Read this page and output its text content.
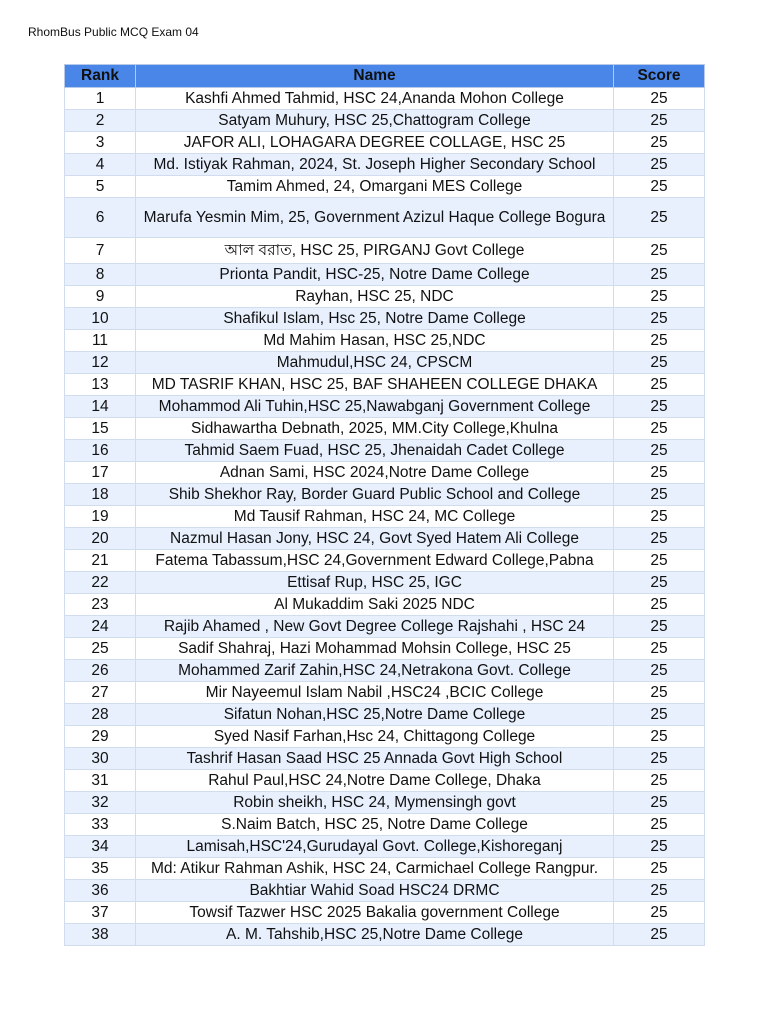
RhomBus Public MCQ Exam 04
Rank	Name	Score
1	Kashfi Ahmed Tahmid, HSC 24,Ananda Mohon College	25
2	Satyam Muhury, HSC 25,Chattogram College	25
3	JAFOR ALI, LOHAGARA DEGREE COLLAGE, HSC 25	25
4	Md. Istiyak Rahman, 2024, St. Joseph Higher Secondary School	25
5	Tamim Ahmed, 24, Omargani MES College	25
6	Marufa Yesmin Mim, 25, Government Azizul Haque College Bogura	25
7	আল বরাত, HSC 25, PIRGANJ Govt College	25
8	Prionta Pandit, HSC-25, Notre Dame College	25
9	Rayhan, HSC 25, NDC	25
10	Shafikul Islam, Hsc 25, Notre Dame College	25
11	Md Mahim Hasan, HSC 25,NDC	25
12	Mahmudul,HSC 24, CPSCM	25
13	MD TASRIF KHAN, HSC 25, BAF SHAHEEN COLLEGE DHAKA	25
14	Mohammod Ali Tuhin,HSC 25,Nawabganj Government College	25
15	Sidhawartha Debnath, 2025, MM.City College,Khulna	25
16	Tahmid Saem Fuad, HSC 25, Jhenaidah Cadet College	25
17	Adnan Sami, HSC 2024,Notre Dame College	25
18	Shib Shekhor Ray, Border Guard Public School and College	25
19	Md Tausif Rahman, HSC 24, MC College	25
20	Nazmul Hasan Jony, HSC 24, Govt Syed Hatem Ali College	25
21	Fatema Tabassum,HSC 24,Government Edward College,Pabna	25
22	Ettisaf Rup, HSC 25, IGC	25
23	Al Mukaddim Saki 2025 NDC	25
24	Rajib Ahamed , New Govt Degree College Rajshahi , HSC 24	25
25	Sadif Shahraj, Hazi Mohammad Mohsin College, HSC 25	25
26	Mohammed Zarif Zahin,HSC 24,Netrakona Govt. College	25
27	Mir Nayeemul Islam Nabil ,HSC24 ,BCIC College	25
28	Sifatun Nohan,HSC 25,Notre Dame College	25
29	Syed Nasif Farhan,Hsc 24, Chittagong College	25
30	Tashrif Hasan Saad HSC 25 Annada Govt High School	25
31	Rahul Paul,HSC 24,Notre Dame College, Dhaka	25
32	Robin sheikh, HSC 24, Mymensingh govt	25
33	S.Naim Batch, HSC 25, Notre Dame College	25
34	Lamisah,HSC'24,Gurudayal Govt. College,Kishoreganj	25
35	Md: Atikur Rahman Ashik, HSC 24, Carmichael College Rangpur.	25
36	Bakhtiar Wahid Soad HSC24 DRMC	25
37	Towsif Tazwer HSC 2025 Bakalia government College	25
38	A. M. Tahshib,HSC 25,Notre Dame College	25
